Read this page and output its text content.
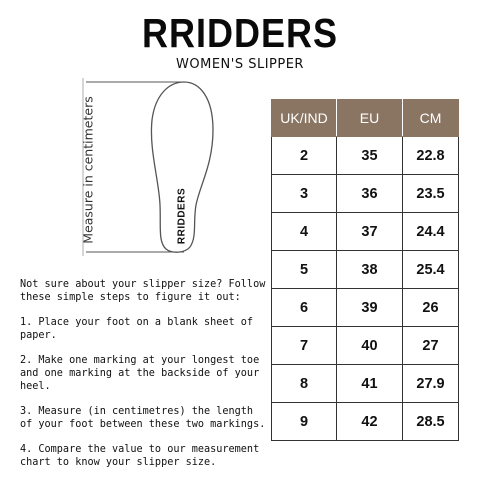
RRIDDERS
WOMEN'S SLIPPER
Measure in centimeters	RRIDDERS

Not sure about your slipper size? Follow these simple steps to figure it out:

1. Place your foot on a blank sheet of paper.

2. Make one marking at your longest toe and one marking at the backside of your heel.

3. Measure (in centimetres) the length of your foot between these two markings.

4. Compare the value to our measurement chart to know your slipper size.

UK/IND	EU	CM
2	35	22.8
3	36	23.5
4	37	24.4
5	38	25.4
6	39	26
7	40	27
8	41	27.9
9	42	28.5
